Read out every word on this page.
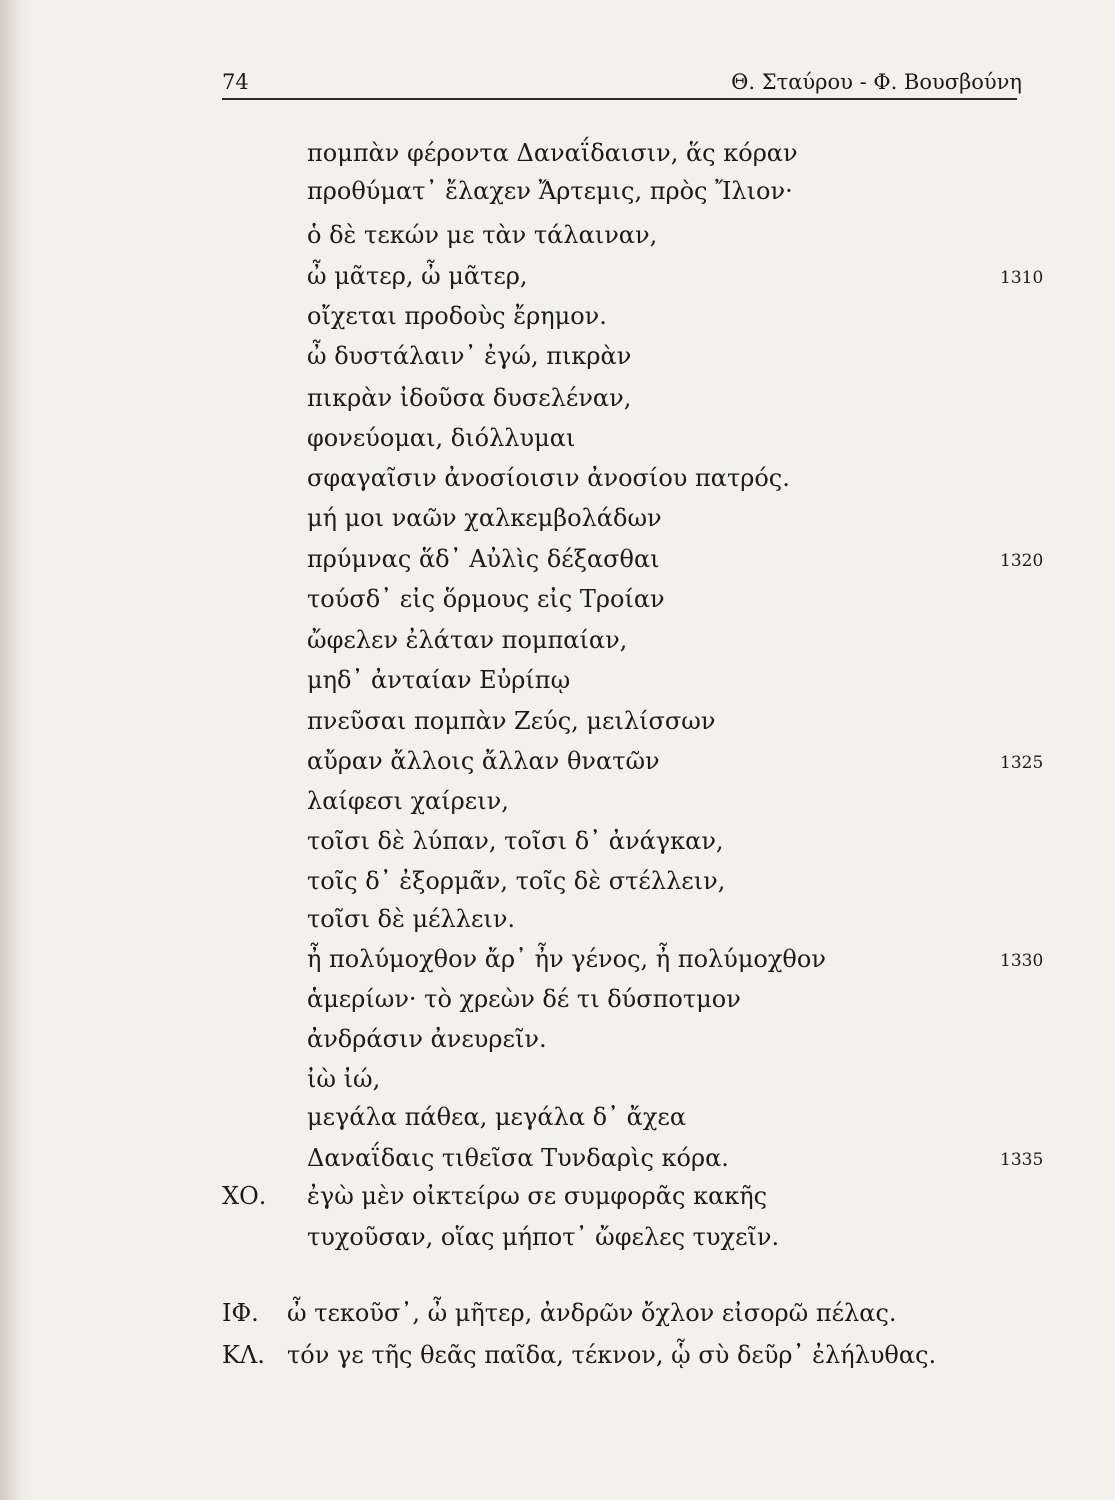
74	Θ. Σταύρου - Φ. Βουσβούνη
πομπὰν φέροντα Δαναΐδαισιν, ἅς κόραν
προθύματ᾽ ἔλαχεν Ἄρτεμις, πρὸς Ἴλιον·
ὁ δὲ τεκών με τὰν τάλαιναν,
ὦ μᾶτερ, ὦ μᾶτερ,	1310
οἴχεται προδοὺς ἔρημον.
ὦ δυστάλαιν᾽ ἐγώ, πικρὰν
πικρὰν ἰδοῦσα δυσελέναν,
φονεύομαι, διόλλυμαι
σφαγαῖσιν ἀνοσίοισιν ἀνοσίου πατρός.
μή μοι ναῶν χαλκεμβολάδων
πρύμνας ἅδ᾽ Αὐλὶς δέξασθαι	1320
τούσδ᾽ εἰς ὅρμους εἰς Τροίαν
ὤφελεν ἐλάταν πομπαίαν,
μηδ᾽ ἀνταίαν Εὐρίπῳ
πνεῦσαι πομπὰν Ζεύς, μειλίσσων
αὔραν ἄλλοις ἄλλαν θνατῶν	1325
λαίφεσι χαίρειν,
τοῖσι δὲ λύπαν, τοῖσι δ᾽ ἀνάγκαν,
τοῖς δ᾽ ἐξορμᾶν, τοῖς δὲ στέλλειν,
τοῖσι δὲ μέλλειν.
ἦ πολύμοχθον ἄρ᾽ ἦν γένος, ἦ πολύμοχθον	1330
ἁμερίων· τὸ χρεὼν δέ τι δύσποτμον
ἀνδράσιν ἀνευρεῖν.
ἰὼ ἰώ,
μεγάλα πάθεα, μεγάλα δ᾽ ἄχεα
Δαναΐδαις τιθεῖσα Τυνδαρὶς κόρα.	1335
ΧΟ. ἐγὼ μὲν οἰκτείρω σε συμφορᾶς κακῆς
τυχοῦσαν, οἵας μήποτ᾽ ὤφελες τυχεῖν.
ΙΦ. ὦ τεκοῦσ᾽, ὦ μῆτερ, ἀνδρῶν ὄχλον εἰσορῶ πέλας.
ΚΛ. τόν γε τῆς θεᾶς παῖδα, τέκνον, ᾧ σὺ δεῦρ᾽ ἐλήλυθας.
